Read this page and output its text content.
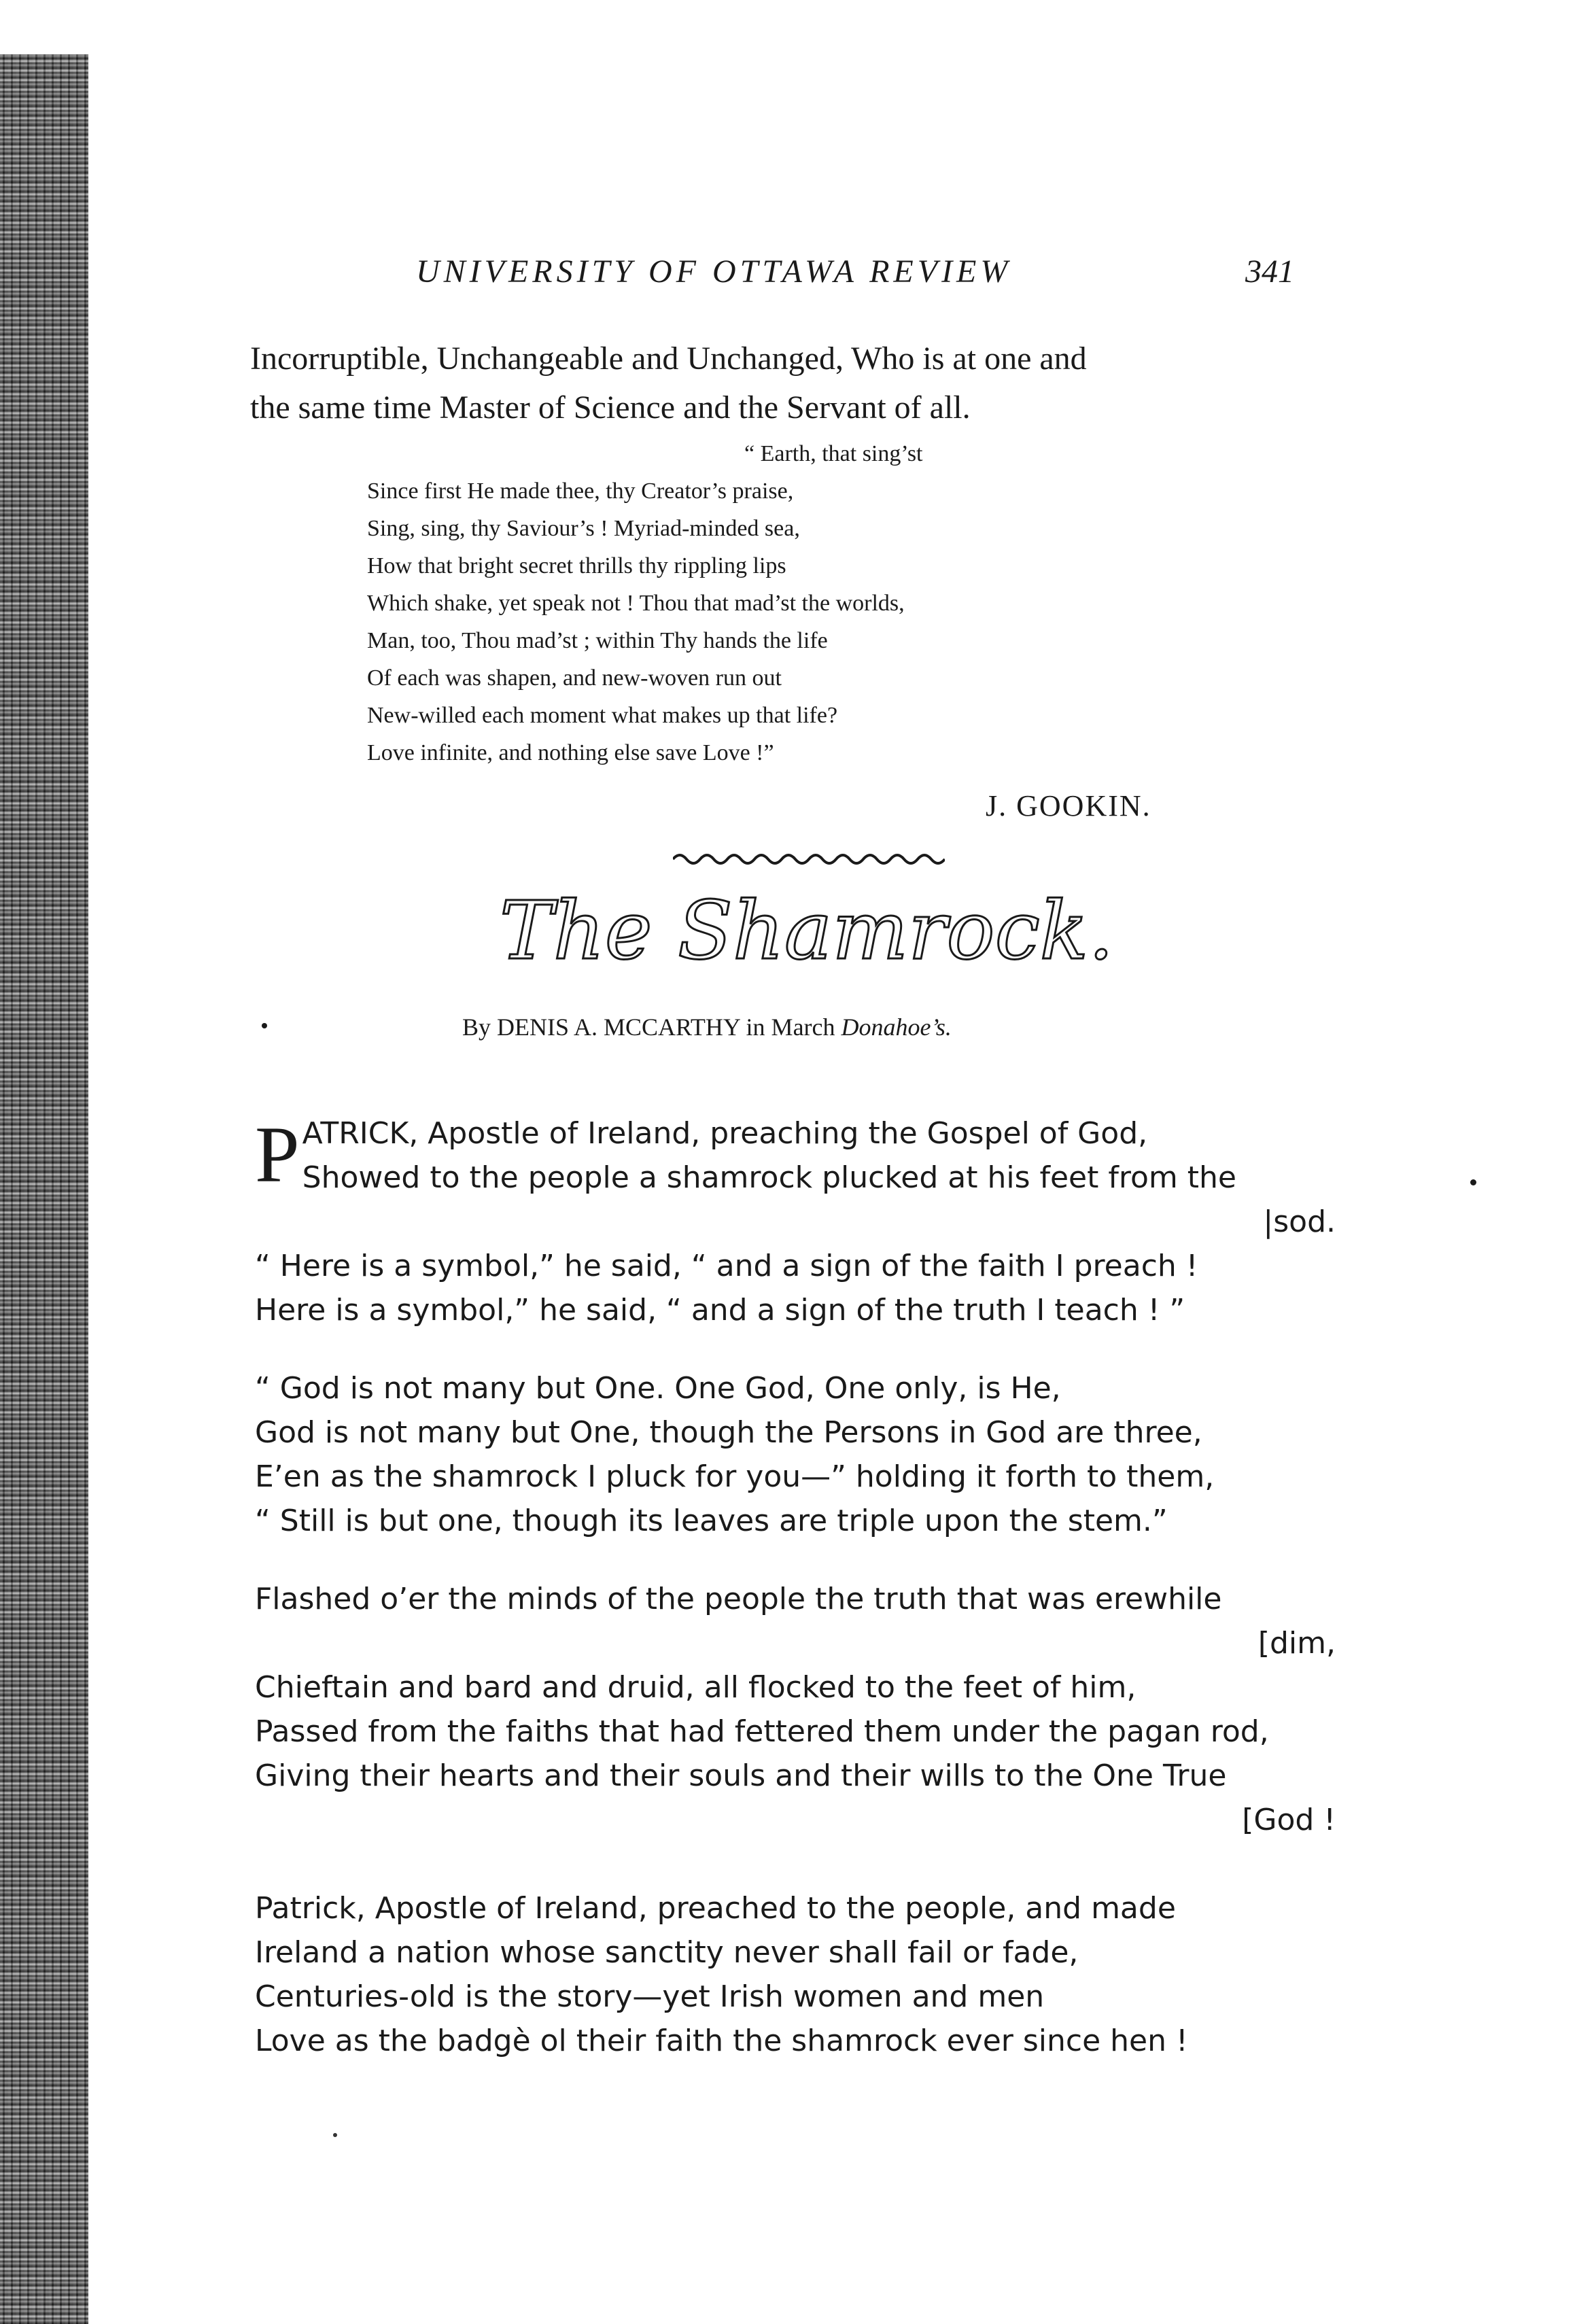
UNIVERSITY OF OTTAWA REVIEW	341
Incorruptible, Unchangeable and Unchanged, Who is at one and
the same time Master of Science and the Servant of all.
“ Earth, that sing’st
Since first He made thee, thy Creator’s praise,
Sing, sing, thy Saviour’s ! Myriad-minded sea,
How that bright secret thrills thy rippling lips
Which shake, yet speak not ! Thou that mad’st the worlds,
Man, too, Thou mad’st ; within Thy hands the life
Of each was shapen, and new-woven run out
New-willed each moment what makes up that life?
Love infinite, and nothing else save Love !”
J. GOOKIN.
The Shamrock.
By DENIS A. MCCARTHY in March Donahoe’s.
P ATRICK, Apostle of Ireland, preaching the Gospel of God,
Showed to the people a shamrock plucked at his feet from the
|sod.
“ Here is a symbol,” he said, “ and a sign of the faith I preach !
Here is a symbol,” he said, “ and a sign of the truth I teach ! ”
“ God is not many but One. One God, One only, is He,
God is not many but One, though the Persons in God are three,
E’en as the shamrock I pluck for you—” holding it forth to them,
“ Still is but one, though its leaves are triple upon the stem.”
Flashed o’er the minds of the people the truth that was erewhile
[dim,
Chieftain and bard and druid, all flocked to the feet of him,
Passed from the faiths that had fettered them under the pagan rod,
Giving their hearts and their souls and their wills to the One True
[God !
Patrick, Apostle of Ireland, preached to the people, and made
Ireland a nation whose sanctity never shall fail or fade,
Centuries-old is the story—yet Irish women and men
Love as the badgè ol their faith the shamrock ever since hen !
